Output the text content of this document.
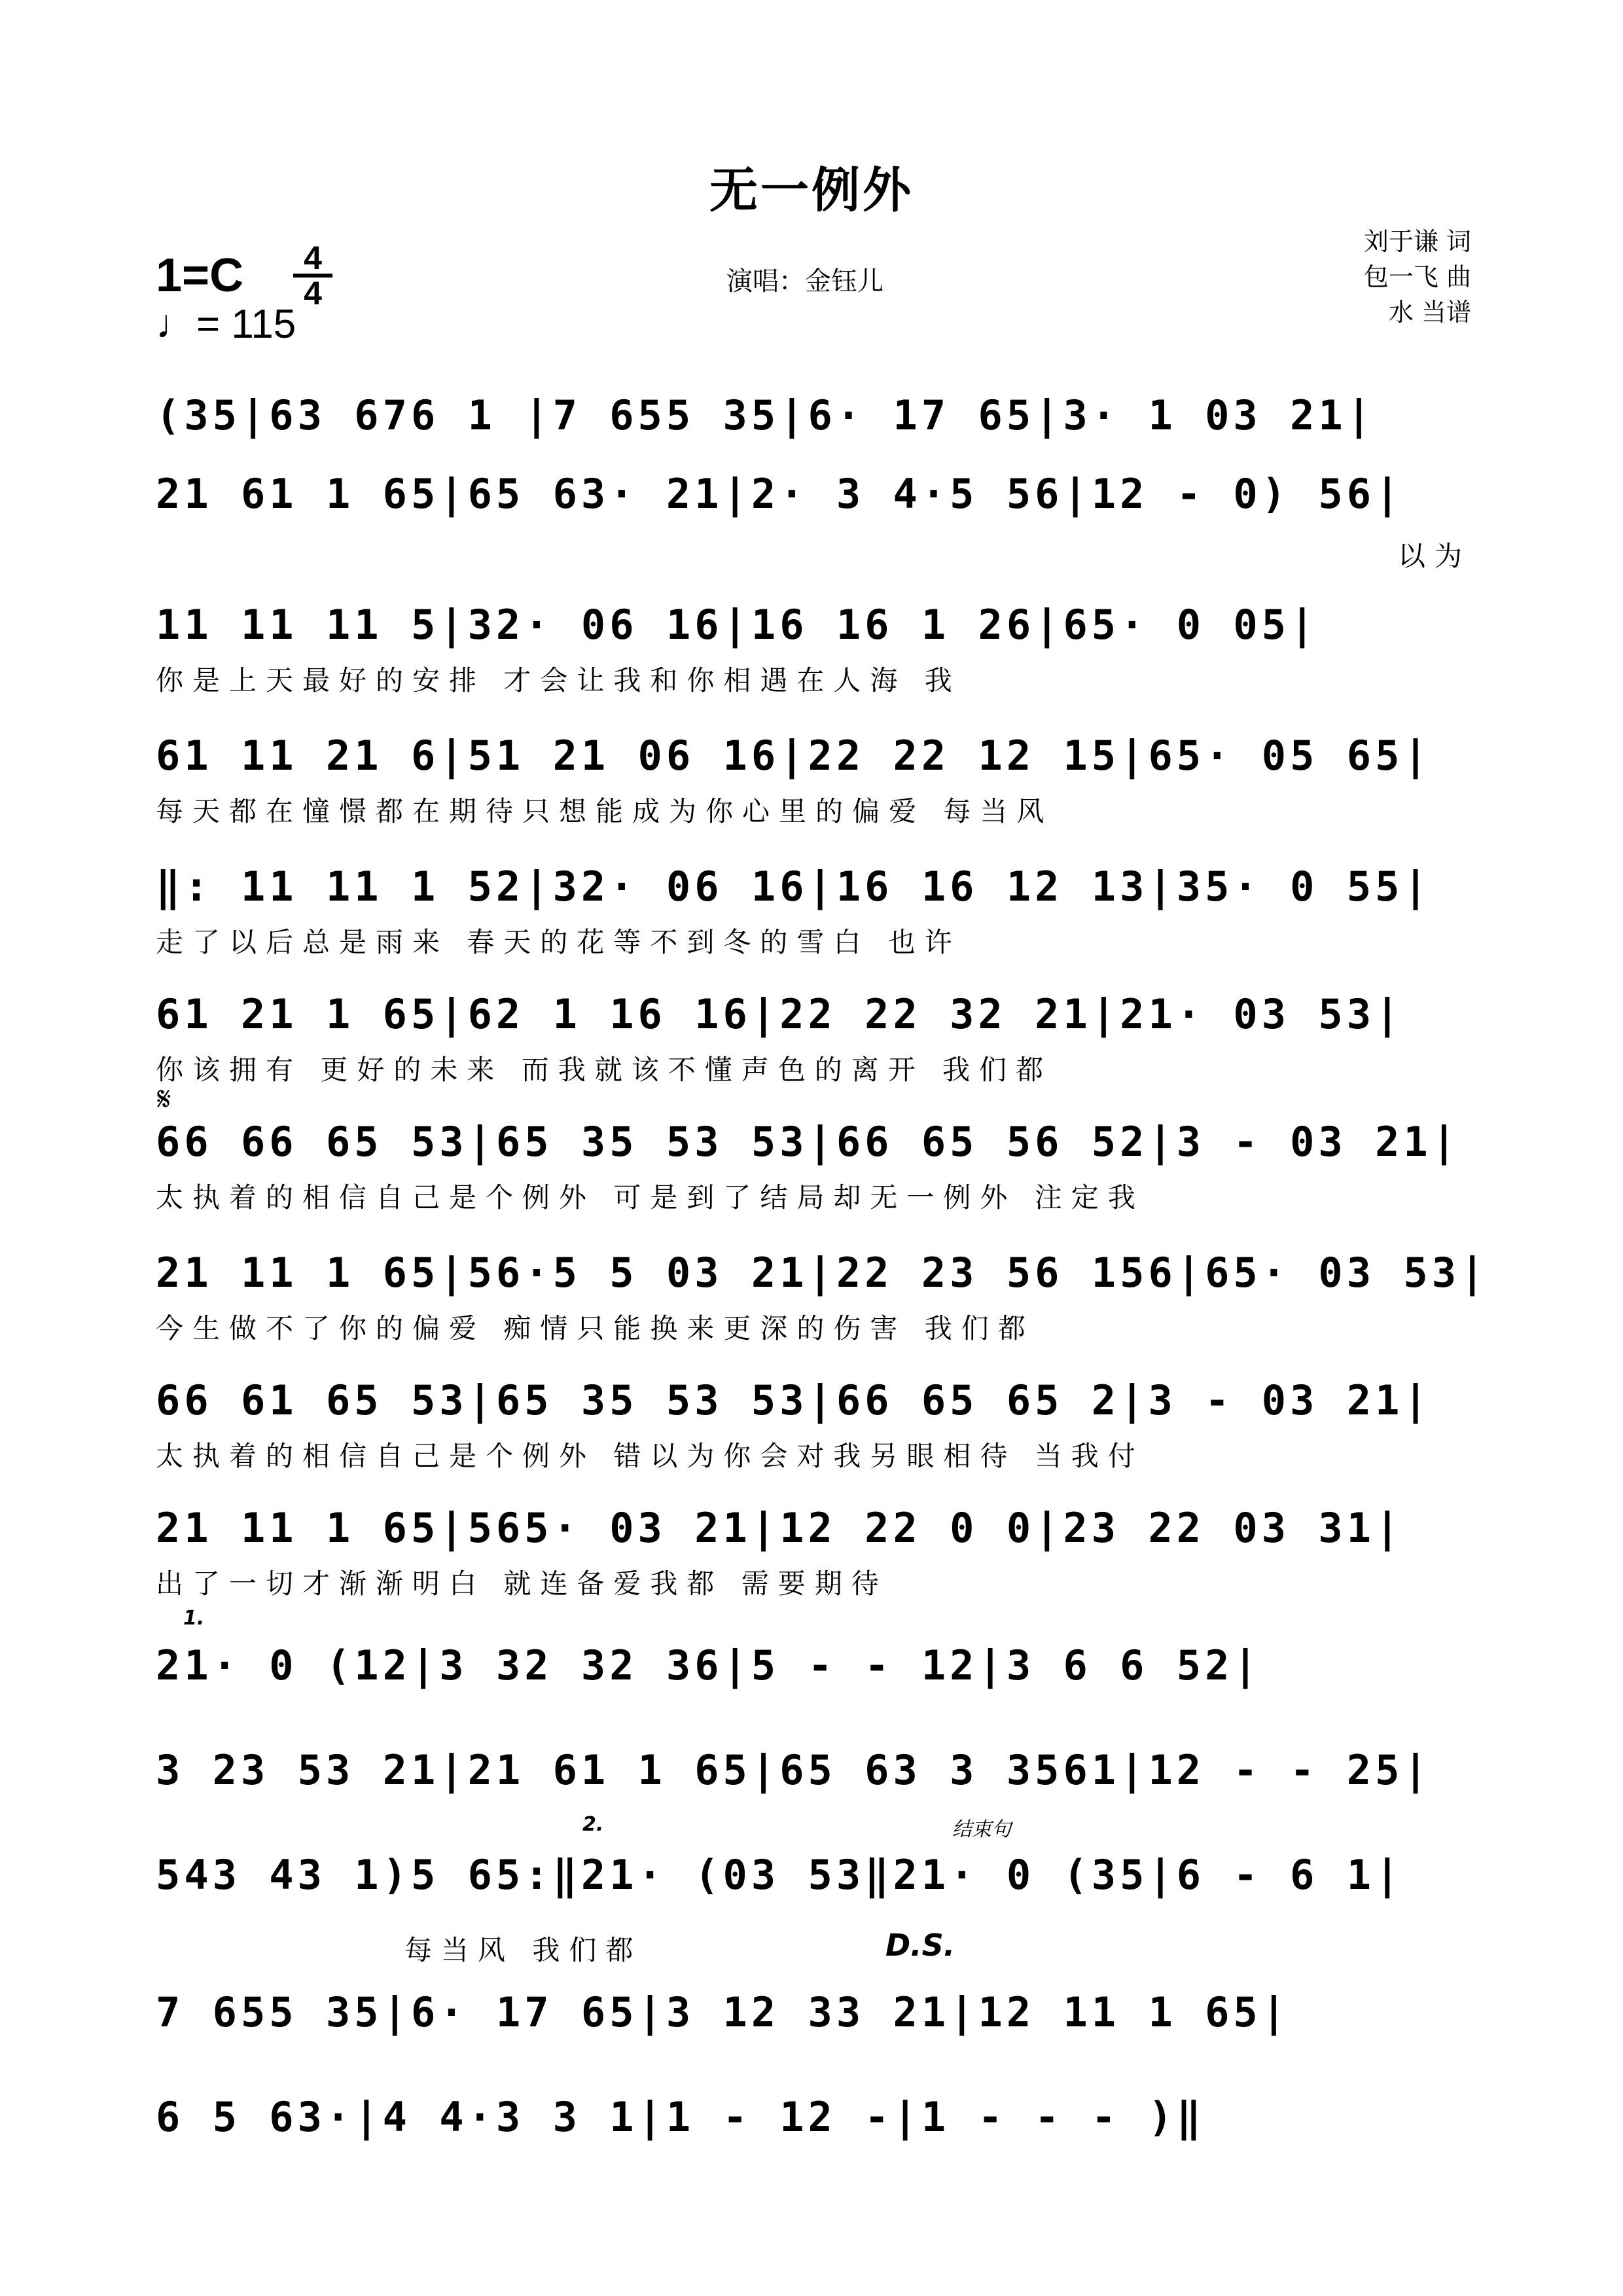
无一例外
1=C	4
4
♩= 115
演唱：金钰儿
刘于谦 词
包一飞 曲
水 当谱
(35|63 676 1 |7 655 35|6· 17 65|3· 1 03 21|
21 61 1 65|65 63· 21|2· 3 4·5 56|12 - 0) 56|
以为
11 11 11 5|32· 06 16|16 16 1 26|65· 0 05|
你是上天最好的安排 才会让我和你相遇在人海 我
61 11 21 6|51 21 06 16|22 22 12 15|65· 05 65|
每天都在憧憬都在期待只想能成为你心里的偏爱 每当风
‖: 11 11 1 52|32· 06 16|16 16 12 13|35· 0 55|
走了以后总是雨来 春天的花等不到冬的雪白 也许
61 21 1 65|62 1 16 16|22 22 32 21|21· 03 53|
你该拥有 更好的未来 而我就该不懂声色的离开 我们都
𝄋
66 66 65 53|65 35 53 53|66 65 56 52|3 - 03 21|
太执着的相信自己是个例外 可是到了结局却无一例外 注定我
21 11 1 65|56·5 5 03 21|22 23 56 156|65· 03 53|
今生做不了你的偏爱 痴情只能换来更深的伤害 我们都
66 61 65 53|65 35 53 53|66 65 65 2|3 - 03 21|
太执着的相信自己是个例外 错以为你会对我另眼相待 当我付
21 11 1 65|565· 03 21|12 22 0 0|23 22 03 31|
出了一切才渐渐明白 就连备爱我都 需要期待
1.
21· 0 (12|3 32 32 36|5 - - 12|3 6 6 52|
3 23 53 21|21 61 1 65|65 63 3 3561|12 - - 25|
2.	结束句
543 43 1)5 65:‖21· (03 53‖21· 0 (35|6 - 6 1|
每当风 我们都	D.S.
7 655 35|6· 17 65|3 12 33 21|12 11 1 65|
6 5 63·|4 4·3 3 1|1 - 12 -|1 - - - )‖
